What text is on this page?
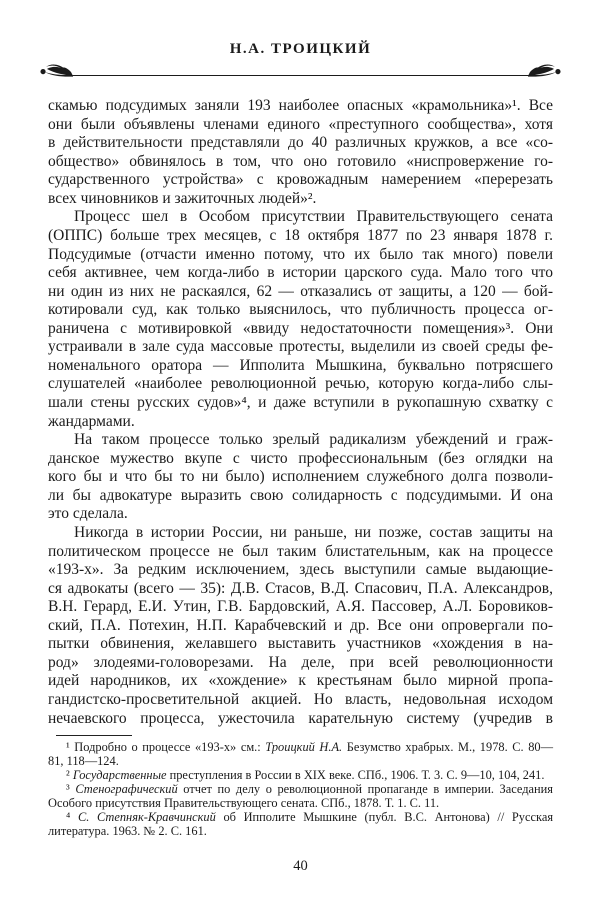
Н.А. ТРОИЦКИЙ
скамью подсудимых заняли 193 наиболее опасных «крамольника»¹. Все
они были объявлены членами единого «преступного сообщества», хотя
в действительности представляли до 40 различных кружков, а все «со-
общество» обвинялось в том, что оно готовило «ниспровержение го-
сударственного устройства» с кровожадным намерением «перерезать
всех чиновников и зажиточных людей»².
Процесс шел в Особом присутствии Правительствующего сената
(ОППС) больше трех месяцев, с 18 октября 1877 по 23 января 1878 г.
Подсудимые (отчасти именно потому, что их было так много) повели
себя активнее, чем когда-либо в истории царского суда. Мало того что
ни один из них не раскаялся, 62 — отказались от защиты, а 120 — бой-
котировали суд, как только выяснилось, что публичность процесса ог-
раничена с мотивировкой «ввиду недостаточности помещения»³. Они
устраивали в зале суда массовые протесты, выделили из своей среды фе-
номенального оратора — Ипполита Мышкина, буквально потрясшего
слушателей «наиболее революционной речью, которую когда-либо слы-
шали стены русских судов»⁴, и даже вступили в рукопашную схватку с
жандармами.
На таком процессе только зрелый радикализм убеждений и граж-
данское мужество вкупе с чисто профессиональным (без оглядки на
кого бы и что бы то ни было) исполнением служебного долга позволи-
ли бы адвокатуре выразить свою солидарность с подсудимыми. И она
это сделала.
Никогда в истории России, ни раньше, ни позже, состав защиты на
политическом процессе не был таким блистательным, как на процессе
«193-х». За редким исключением, здесь выступили самые выдающие-
ся адвокаты (всего — 35): Д.В. Стасов, В.Д. Спасович, П.А. Александров,
В.Н. Герард, Е.И. Утин, Г.В. Бардовский, А.Я. Пассовер, А.Л. Боровиков-
ский, П.А. Потехин, Н.П. Карабчевский и др. Все они опровергали по-
пытки обвинения, желавшего выставить участников «хождения в на-
род» злодеями-головорезами. На деле, при всей революционности
идей народников, их «хождение» к крестьянам было мирной пропа-
гандистско-просветительной акцией. Но власть, недовольная исходом
нечаевского процесса, ужесточила карательную систему (учредив в
¹ Подробно о процессе «193-х» см.: Троицкий Н.А. Безумство храбрых. М., 1978. С. 80—
81, 118—124.
² Государственные преступления в России в XIX веке. СПб., 1906. Т. 3. С. 9—10, 104, 241.
³ Стенографический отчет по делу о революционной пропаганде в империи. Заседания
Особого присутствия Правительствующего сената. СПб., 1878. Т. 1. С. 11.
⁴ С. Степняк-Кравчинский об Ипполите Мышкине (публ. В.С. Антонова) // Русская
литература. 1963. № 2. С. 161.
40
